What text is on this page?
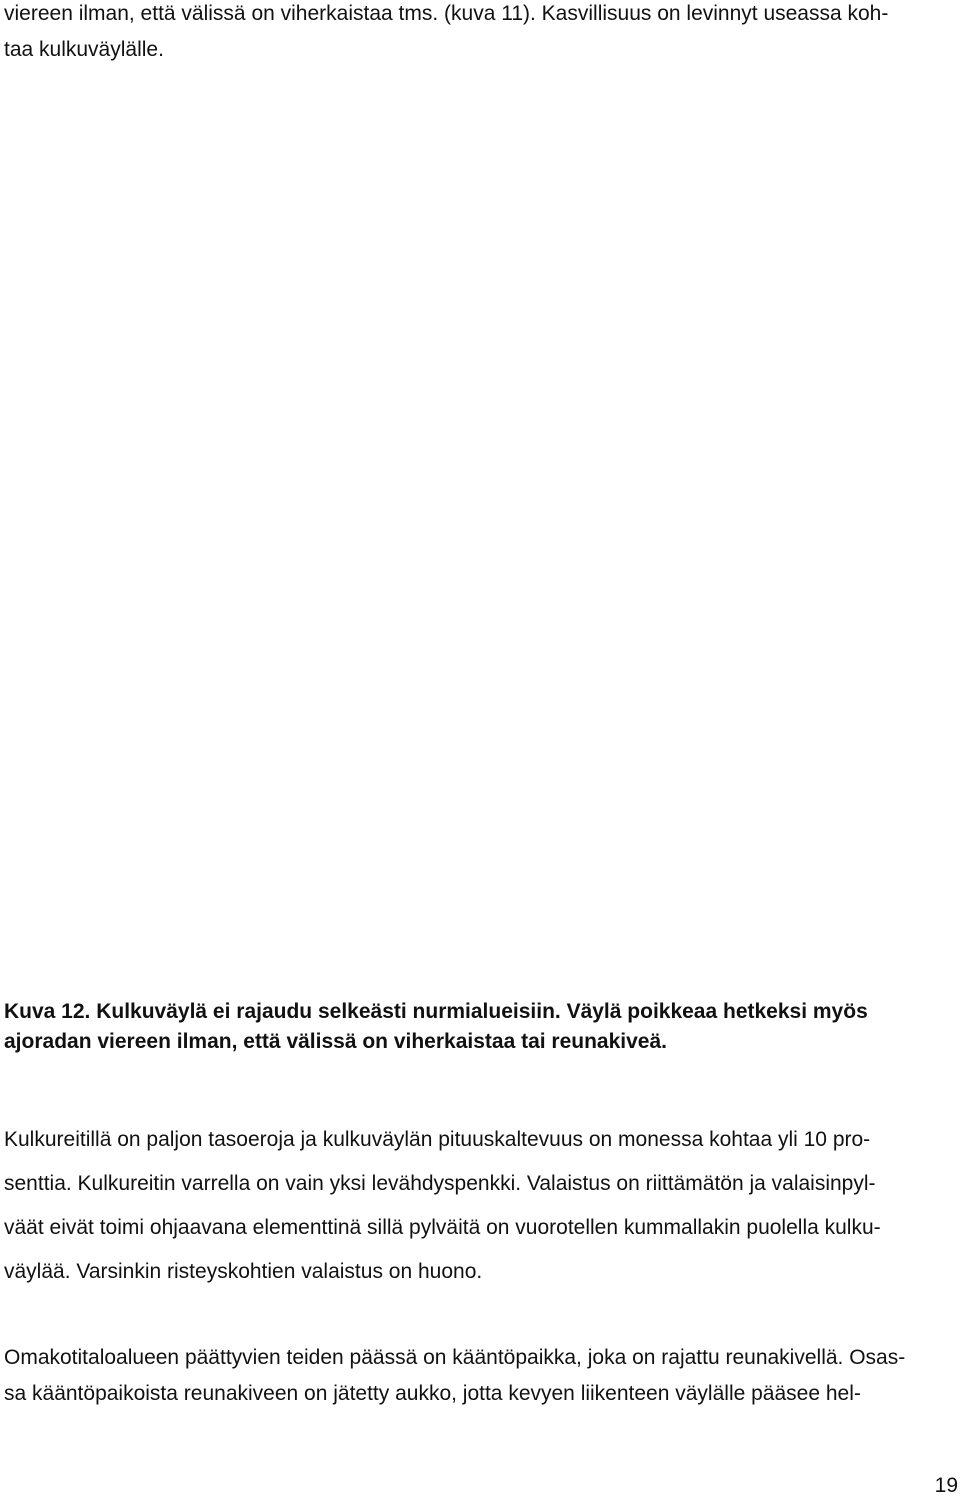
viereen ilman, että välissä on viherkaistaa tms. (kuva 11). Kasvillisuus on levinnyt useassa koh-
taa kulkuväylälle.
Kuva 12. Kulkuväylä ei rajaudu selkeästi nurmialueisiin. Väylä poikkeaa hetkeksi myös
ajoradan viereen ilman, että välissä on viherkaistaa tai reunakiveä.
Kulkureitillä on paljon tasoeroja ja kulkuväylän pituuskaltevuus on monessa kohtaa yli 10 pro-
senttia. Kulkureitin varrella on vain yksi levähdyspenkki. Valaistus on riittämätön ja valaisinpyl-
väät eivät toimi ohjaavana elementtinä sillä pylväitä on vuorotellen kummallakin puolella kulku-
väylää. Varsinkin risteyskohtien valaistus on huono.
Omakotitaloalueen päättyvien teiden päässä on kääntöpaikka, joka on rajattu reunakivellä. Osas-
sa kääntöpaikoista reunakiveen on jätetty aukko, jotta kevyen liikenteen väylälle pääsee hel-
19
